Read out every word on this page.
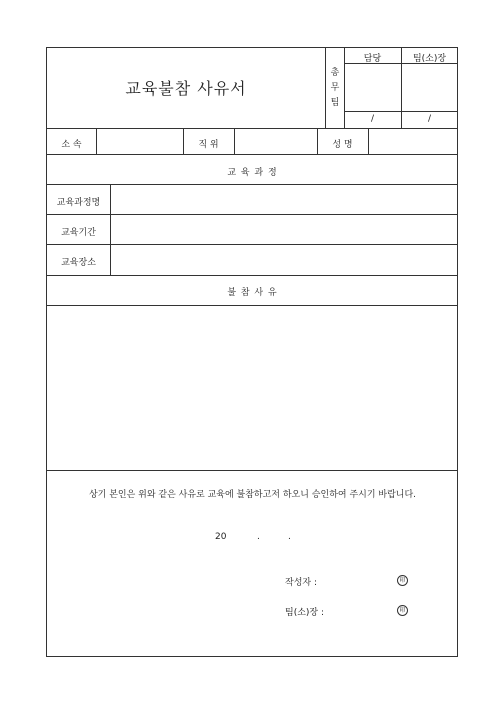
교육불참 사유서
총
무
팀
담당	팀(소)장
/	/
소 속	직 위	성 명
교 육 과 정
교육과정명
교육기간
교육장소
불 참 사 유
상기 본인은 위와 같은 사유로 교육에 불참하고저 하오니 승인하여 주시기 바랍니다.
20	.	.
작성자 :	印
팀(소)장 :	印
